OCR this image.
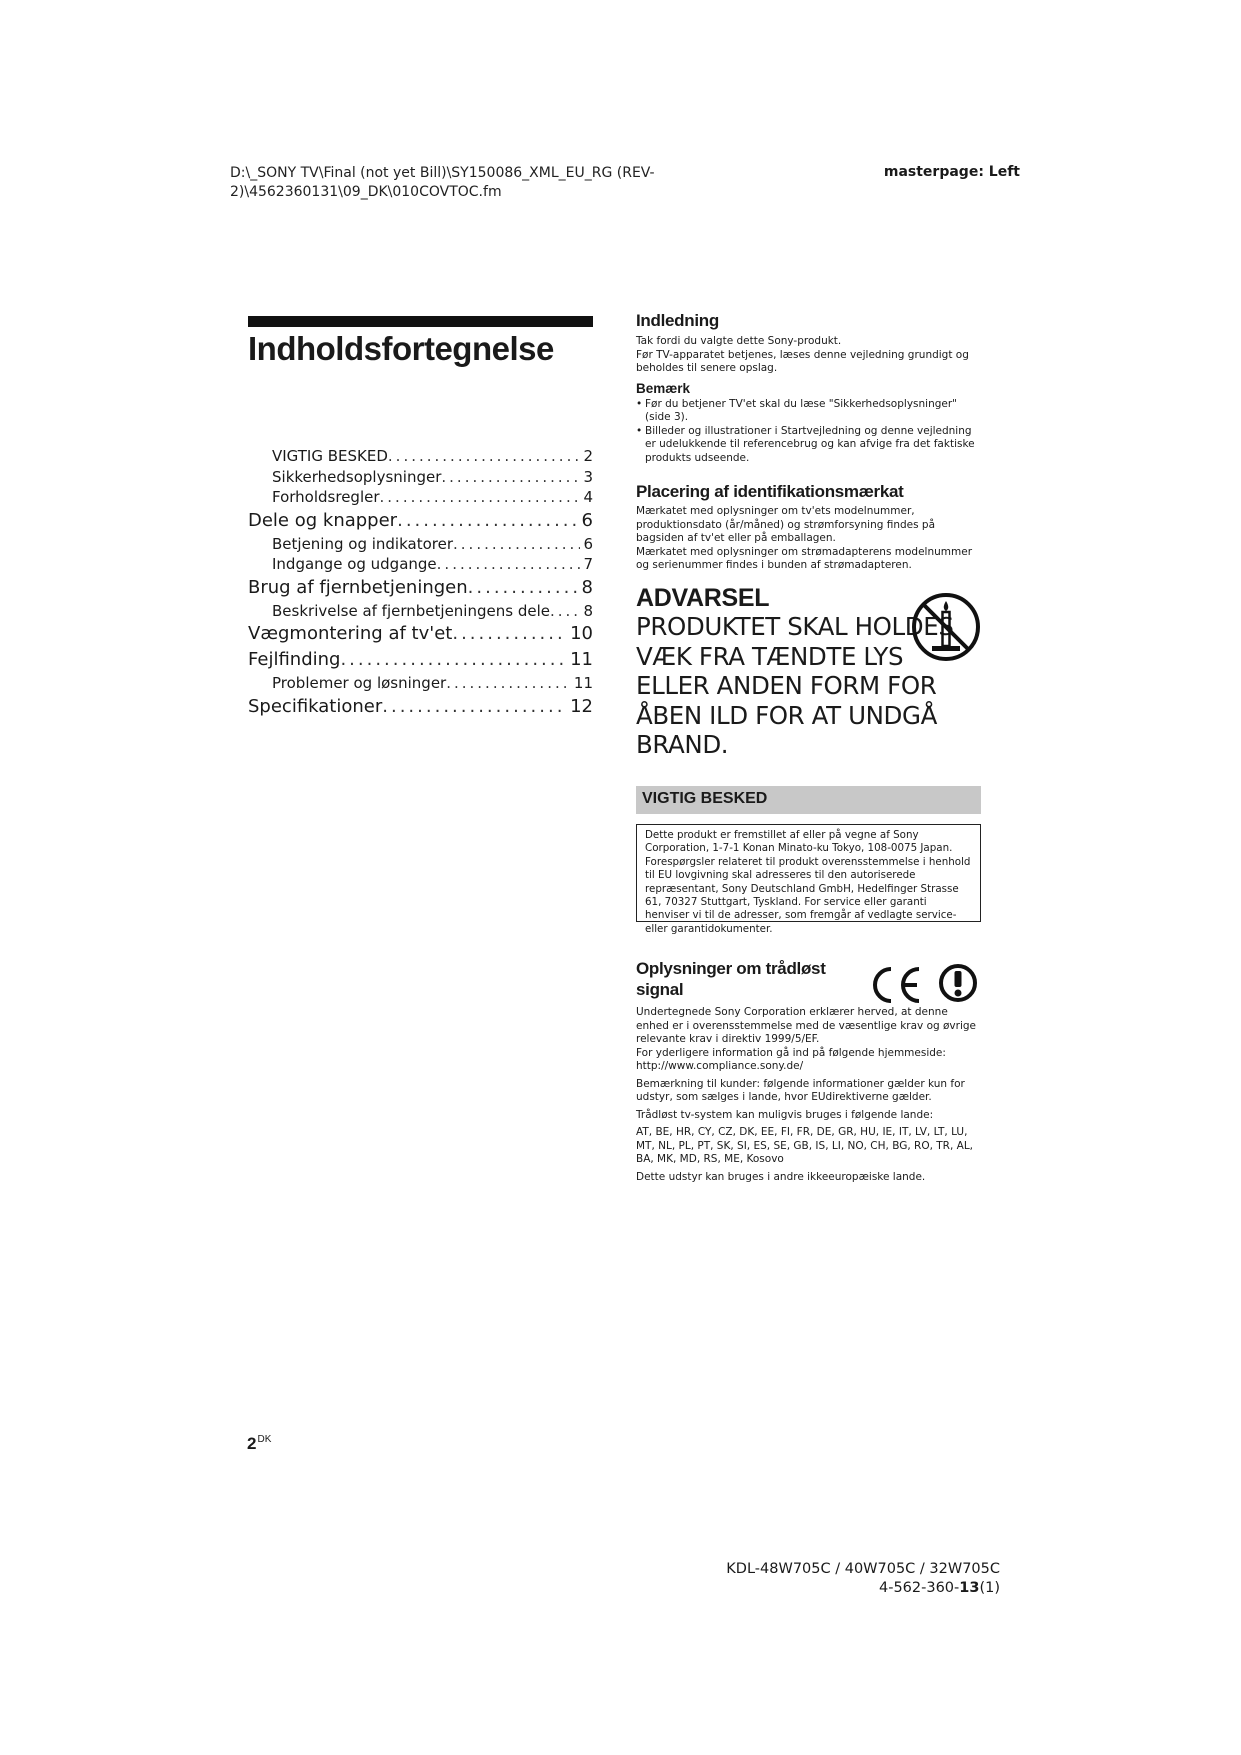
D:\_SONY TV\Final (not yet Bill)\SY150086_XML_EU_RG (REV-2)\4562360131\09_DK\010COVTOC.fm
masterpage: Left
Indholdsfortegnelse
VIGTIG BESKED .....	2
Sikkerhedsoplysninger .....	3
Forholdsregler .....	4
Dele og knapper .....	6
Betjening og indikatorer .....	6
Indgange og udgange .....	7
Brug af fjernbetjeningen .....	8
Beskrivelse af fjernbetjeningens dele ..... 8
Vægmontering af tv'et .....	10
Fejlfinding .....	11
Problemer og løsninger .....	11
Specifikationer .....	12
Indledning
Tak fordi du valgte dette Sony-produkt.
Før TV-apparatet betjenes, læses denne vejledning grundigt og beholdes til senere opslag.
Bemærk
• Før du betjener TV'et skal du læse "Sikkerhedsoplysninger" (side 3).
• Billeder og illustrationer i Startvejledning og denne vejledning er udelukkende til referencebrug og kan afvige fra det faktiske produkts udseende.
Placering af identifikationsmærkat
Mærkatet med oplysninger om tv'ets modelnummer, produktionsdato (år/måned) og strømforsyning findes på bagsiden af tv'et eller på emballagen.
Mærkatet med oplysninger om strømadapterens modelnummer og serienummer findes i bunden af strømadapteren.
ADVARSEL
PRODUKTET SKAL HOLDES VÆK FRA TÆNDTE LYS ELLER ANDEN FORM FOR ÅBEN ILD FOR AT UNDGÅ BRAND.
VIGTIG BESKED
Dette produkt er fremstillet af eller på vegne af Sony Corporation, 1-7-1 Konan Minato-ku Tokyo, 108-0075 Japan. Forespørgsler relateret til produkt overensstemmelse i henhold til EU lovgivning skal adresseres til den autoriserede repræsentant, Sony Deutschland GmbH, Hedelfinger Strasse 61, 70327 Stuttgart, Tyskland. For service eller garanti henviser vi til de adresser, som fremgår af vedlagte service- eller garantidokumenter.
Oplysninger om trådløst signal

Undertegnede Sony Corporation erklærer herved, at denne enhed er i overensstemmelse med de væsentlige krav og øvrige relevante krav i direktiv 1999/5/EF.

For yderligere information gå ind på følgende hjemmeside:

http://www.compliance.sony.de/

Bemærkning til kunder: følgende informationer gælder kun for udstyr, som sælges i lande, hvor EUdirektiverne gælder.

Trådløst tv-system kan muligvis bruges i følgende lande:

AT, BE, HR, CY, CZ, DK, EE, FI, FR, DE, GR, HU, IE, IT, LV, LT, LU, MT, NL, PL, PT, SK, SI, ES, SE, GB, IS, LI, NO, CH, BG, RO, TR, AL, BA, MK, MD, RS, ME, Kosovo

Dette udstyr kan bruges i andre ikkeeuropæiske lande.

$2^{DK}$
KDL-48W705C / 40W705C / 32W705C
4-562-360-13(1)
